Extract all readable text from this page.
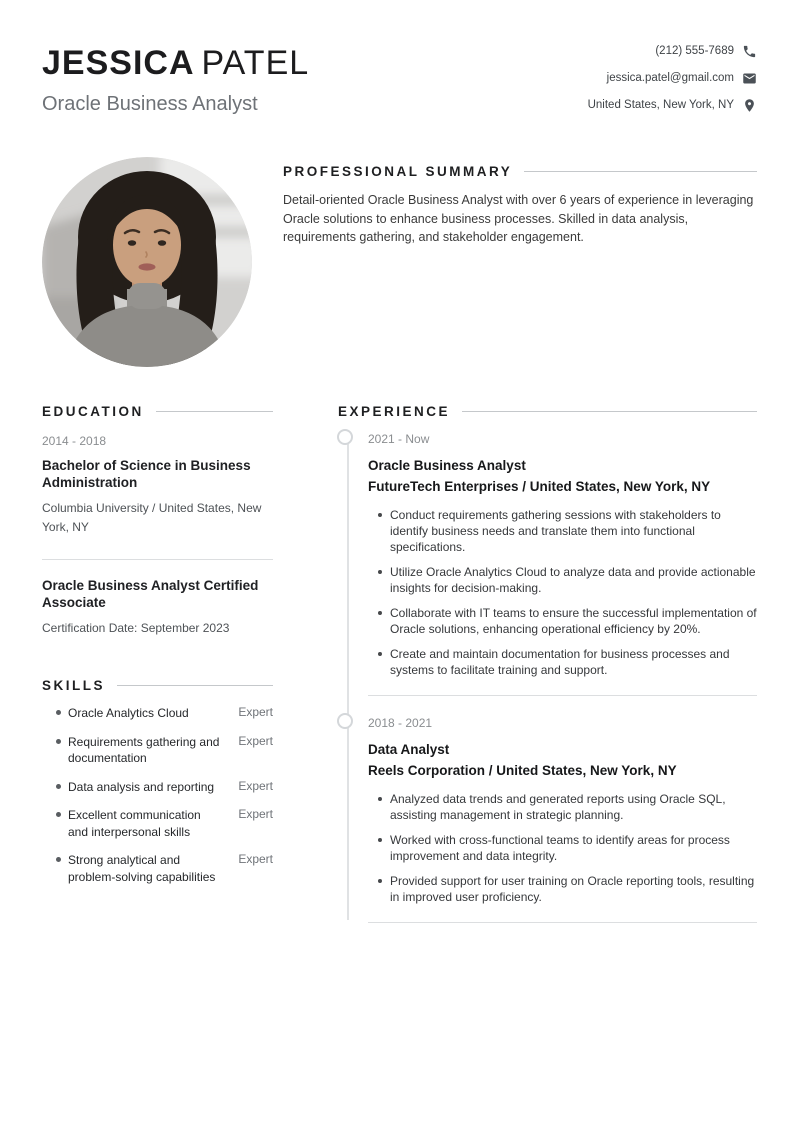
JESSICA PATEL
Oracle Business Analyst
(212) 555-7689
jessica.patel@gmail.com
United States, New York, NY
PROFESSIONAL SUMMARY

Detail-oriented Oracle Business Analyst with over 6 years of experience in leveraging Oracle solutions to enhance business processes. Skilled in data analysis, requirements gathering, and stakeholder engagement.

EDUCATION
2014 - 2018
Bachelor of Science in Business Administration
Columbia University / United States, New York, NY
Oracle Business Analyst Certified Associate
Certification Date: September 2023
SKILLS
Oracle Analytics Cloud	Expert
Requirements gathering and documentation
Expert
Data analysis and reporting	Expert
Excellent communication and interpersonal skills
Expert
Strong analytical and problem-solving capabilities
Expert
EXPERIENCE
2021 - Now
Oracle Business Analyst
FutureTech Enterprises / United States, New York, NY
Conduct requirements gathering sessions with stakeholders to identify business needs and translate them into functional specifications.
Utilize Oracle Analytics Cloud to analyze data and provide actionable insights for decision-making.
Collaborate with IT teams to ensure the successful implementation of Oracle solutions, enhancing operational efficiency by 20%.
Create and maintain documentation for business processes and systems to facilitate training and support.
2018 - 2021
Data Analyst
Reels Corporation / United States, New York, NY
Analyzed data trends and generated reports using Oracle SQL, assisting management in strategic planning.
Worked with cross-functional teams to identify areas for process improvement and data integrity.
Provided support for user training on Oracle reporting tools, resulting in improved user proficiency.
